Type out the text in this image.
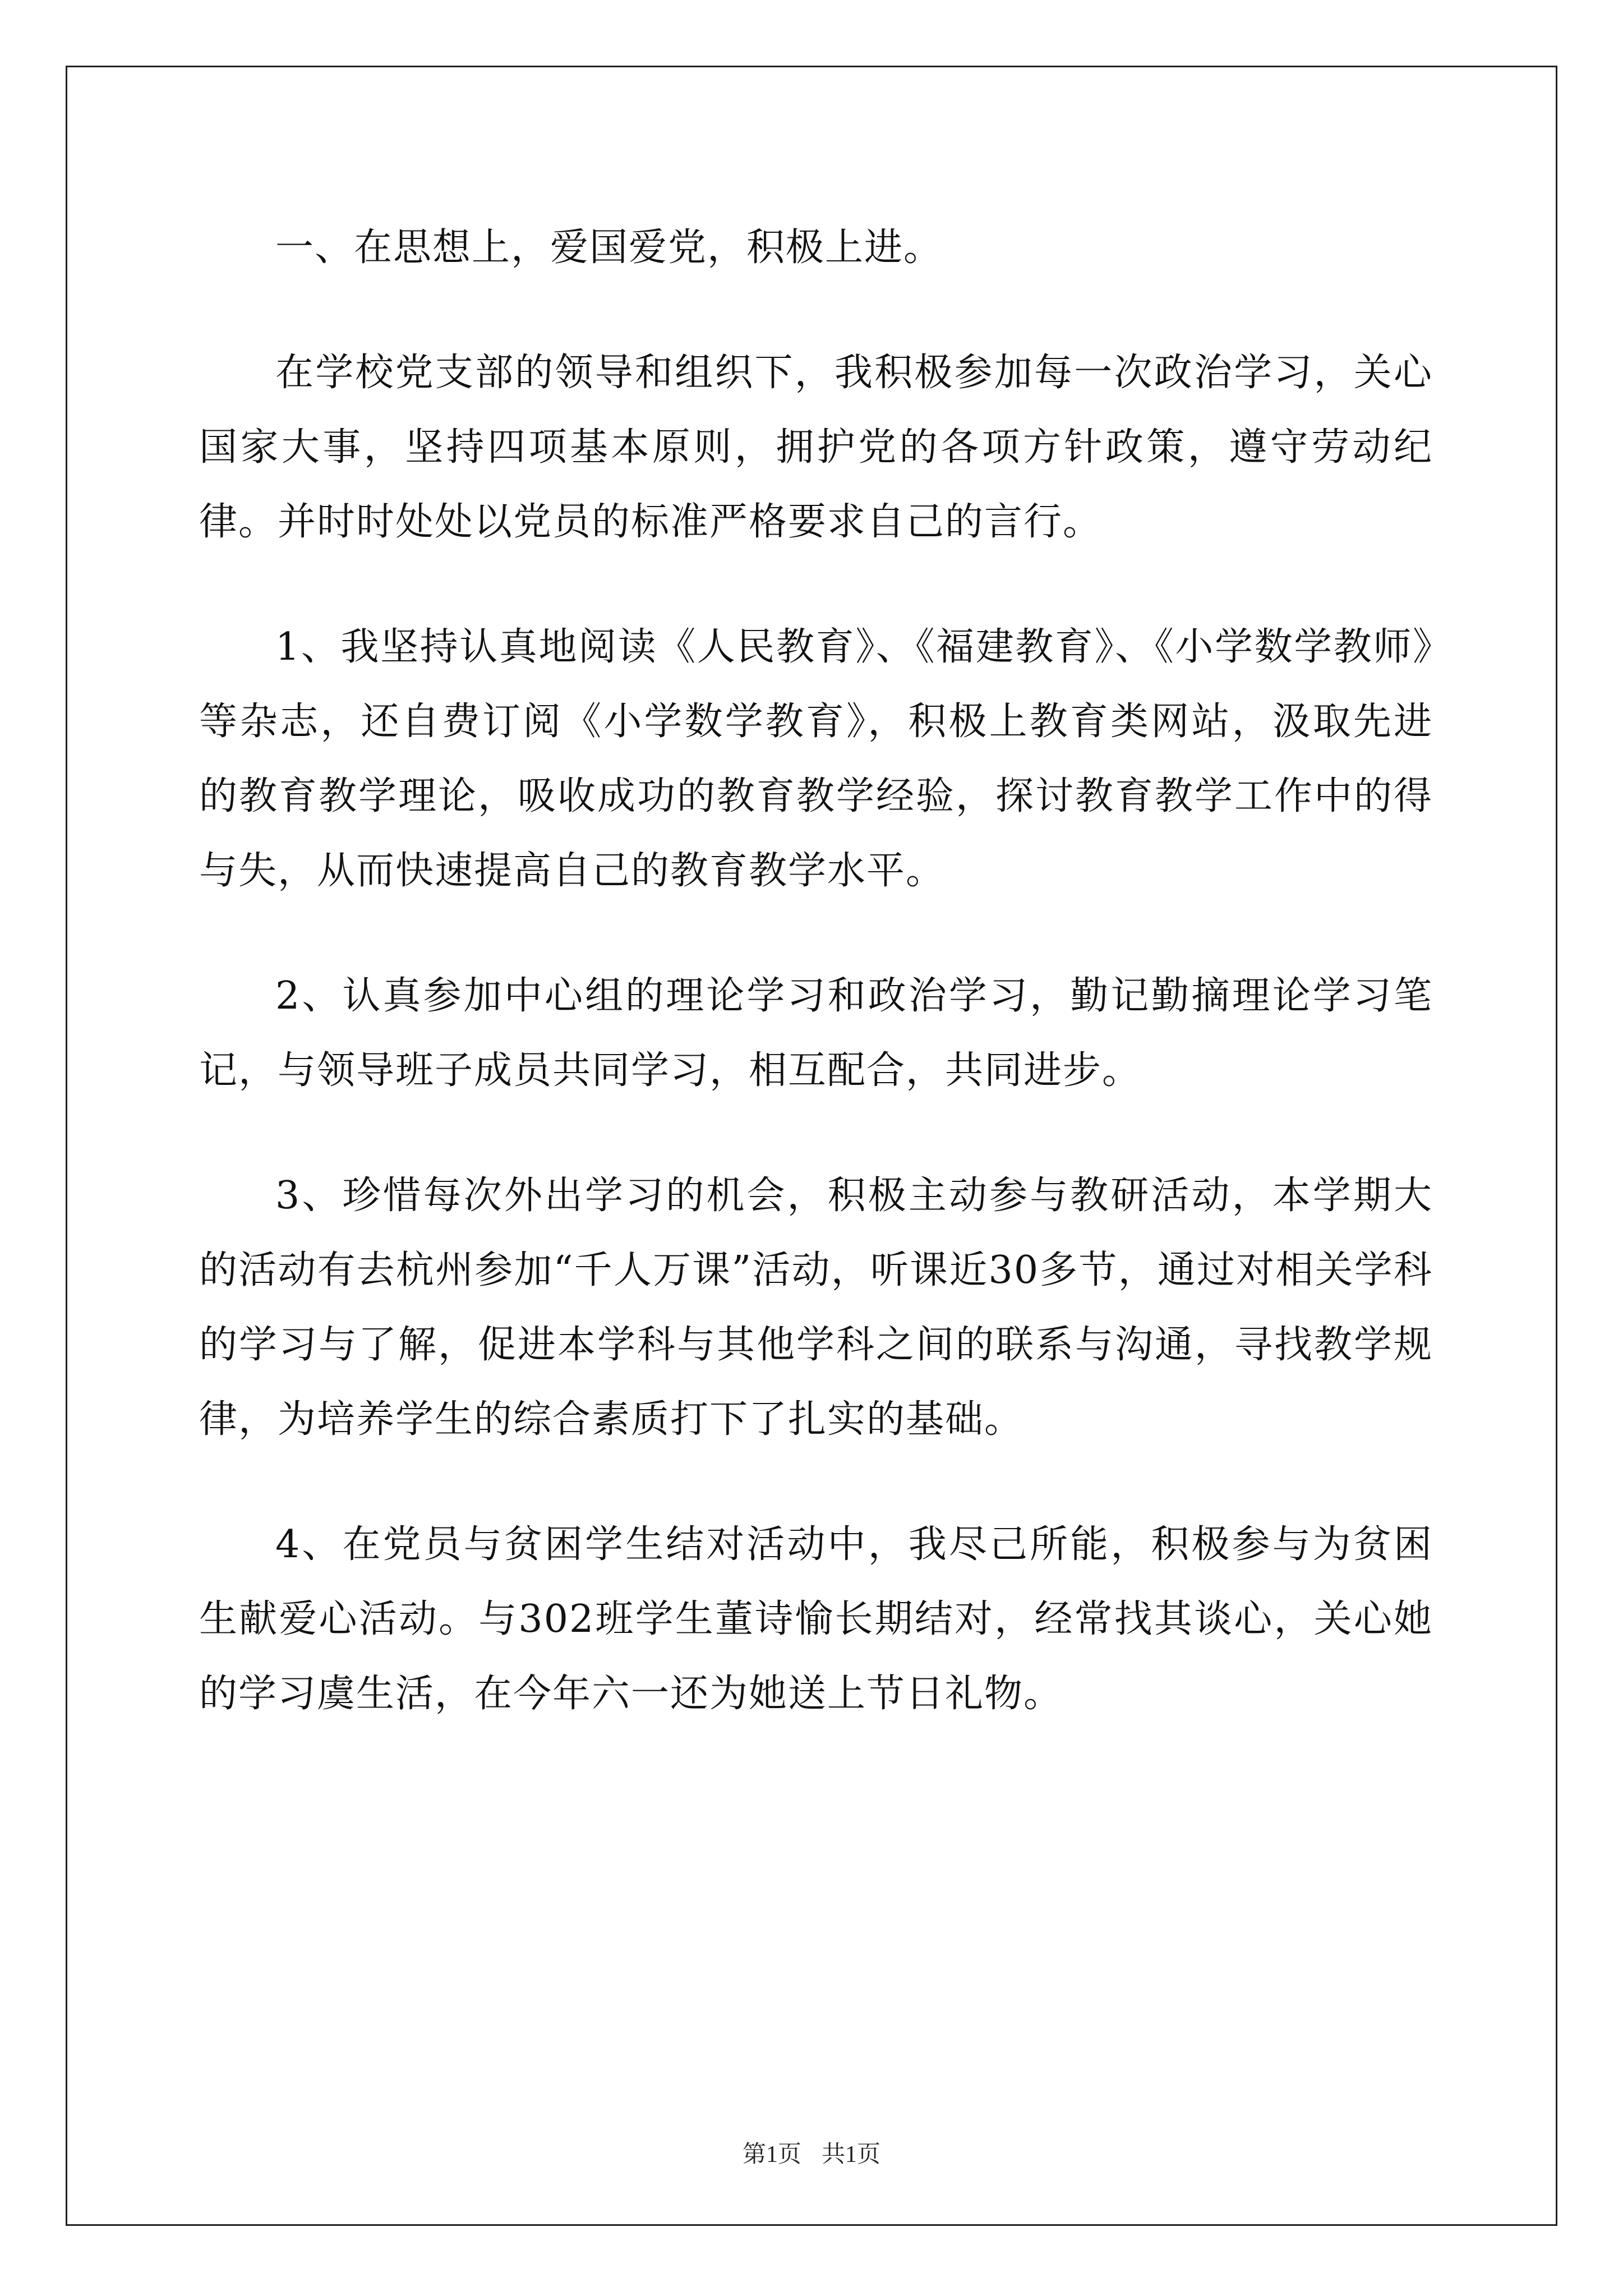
一、在思想上，爱国爱党，积极上进。

在学校党支部的领导和组织下，我积极参加每一次政治学习，关心国家大事，坚持四项基本原则，拥护党的各项方针政策，遵守劳动纪律。并时时处处以党员的标准严格要求自己的言行。

1、我坚持认真地阅读《人民教育》、《福建教育》、《小学数学教师》等杂志，还自费订阅《小学数学教育》，积极上教育类网站，汲取先进的教育教学理论，吸收成功的教育教学经验，探讨教育教学工作中的得与失，从而快速提高自己的教育教学水平。

2、认真参加中心组的理论学习和政治学习，勤记勤摘理论学习笔记，与领导班子成员共同学习，相互配合，共同进步。

3、珍惜每次外出学习的机会，积极主动参与教研活动，本学期大的活动有去杭州参加“千人万课”活动，听课近30多节，通过对相关学科的学习与了解，促进本学科与其他学科之间的联系与沟通，寻找教学规律，为培养学生的综合素质打下了扎实的基础。

4、在党员与贫困学生结对活动中，我尽己所能，积极参与为贫困生献爱心活动。与302班学生董诗愉长期结对，经常找其谈心，关心她的学习虞生活，在今年六一还为她送上节日礼物。

第1页 共1页
